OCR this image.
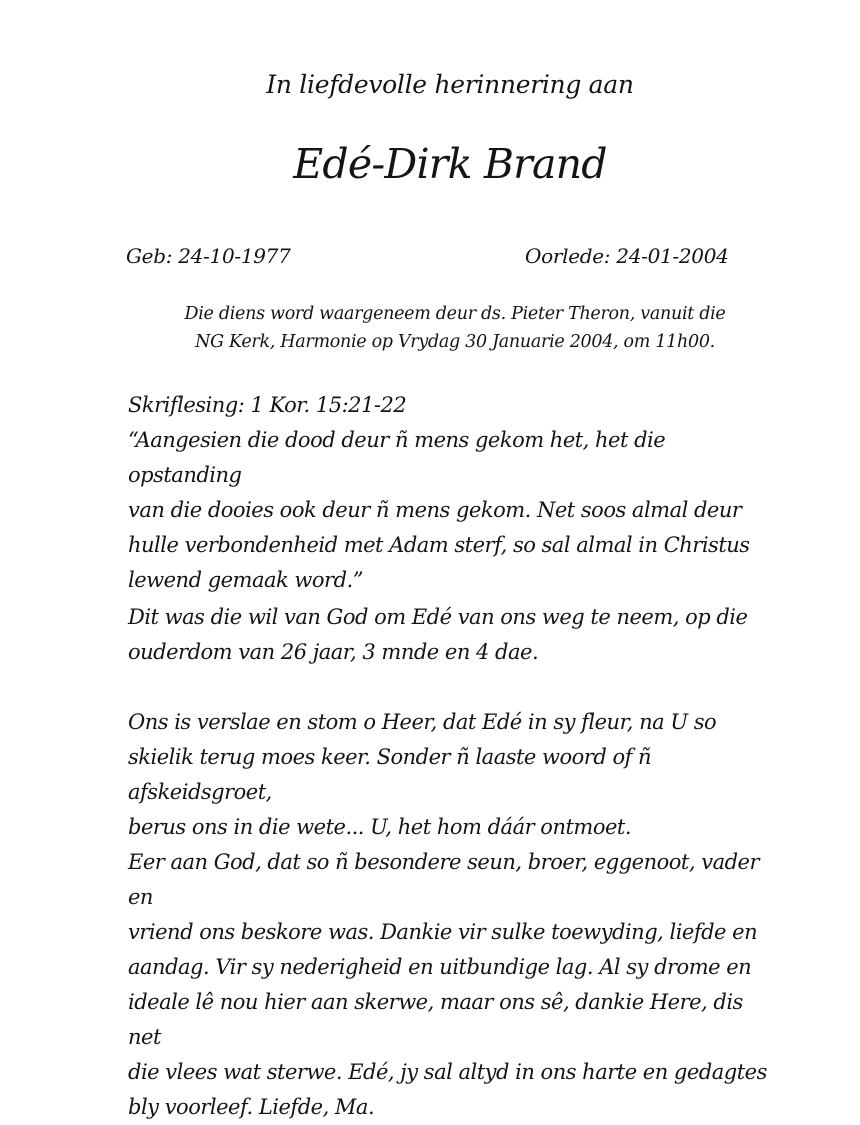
In liefdevolle herinnering aan
Edé-Dirk Brand
Geb: 24-10-1977	Oorlede: 24-01-2004
Die diens word waargeneem deur ds. Pieter Theron, vanuit die
NG Kerk, Harmonie op Vrydag 30 Januarie 2004, om 11h00.
Skriflesing: 1 Kor. 15:21-22
“Aangesien die dood deur ñ mens gekom het, het die opstanding
van die dooies ook deur ñ mens gekom. Net soos almal deur
hulle verbondenheid met Adam sterf, so sal almal in Christus
lewend gemaak word.”
Dit was die wil van God om Edé van ons weg te neem, op die
ouderdom van 26 jaar, 3 mnde en 4 dae.
Ons is verslae en stom o Heer, dat Edé in sy fleur, na U so
skielik terug moes keer. Sonder ñ laaste woord of ñ afskeidsgroet,
berus ons in die wete... U, het hom dáár ontmoet.
Eer aan God, dat so ñ besondere seun, broer, eggenoot, vader en
vriend ons beskore was. Dankie vir sulke toewyding, liefde en
aandag. Vir sy nederigheid en uitbundige lag. Al sy drome en
ideale lê nou hier aan skerwe, maar ons sê, dankie Here, dis net
die vlees wat sterwe. Edé, jy sal altyd in ons harte en gedagtes
bly voorleef. Liefde, Ma.
